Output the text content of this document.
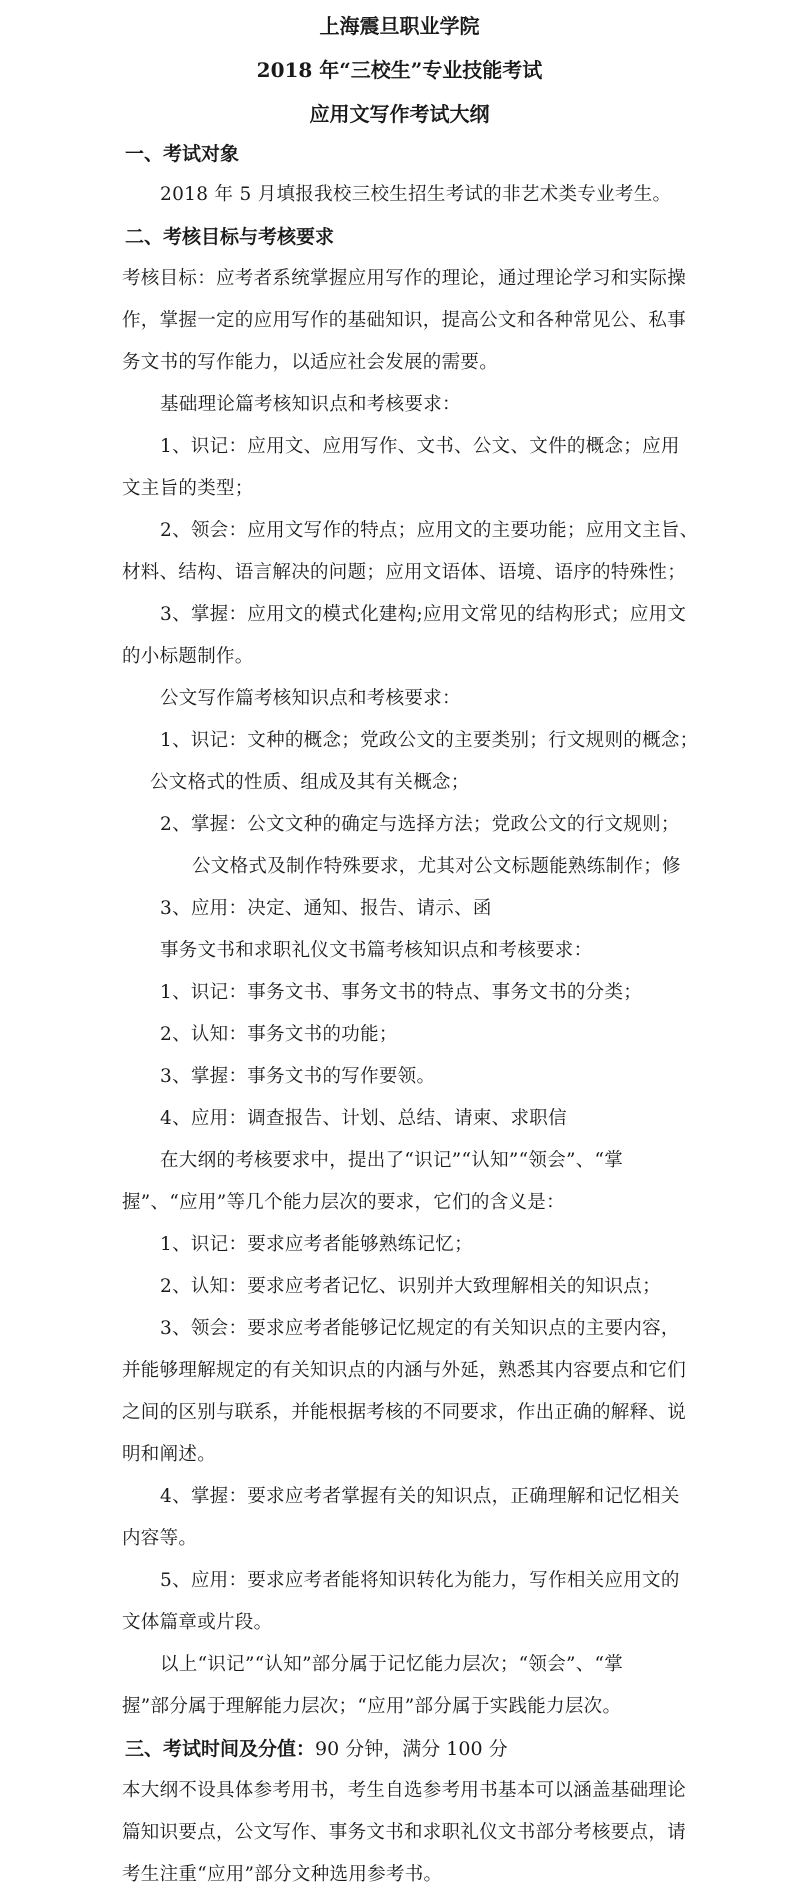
上海震旦职业学院
2018 年“三校生”专业技能考试
应用文写作考试大纲
一、考试对象
2018 年 5 月填报我校三校生招生考试的非艺术类专业考生。
二、考核目标与考核要求
考核目标：应考者系统掌握应用写作的理论，通过理论学习和实际操
作，掌握一定的应用写作的基础知识，提高公文和各种常见公、私事
务文书的写作能力，以适应社会发展的需要。
基础理论篇考核知识点和考核要求：
1、识记：应用文、应用写作、文书、公文、文件的概念；应用
文主旨的类型；
2、领会：应用文写作的特点；应用文的主要功能；应用文主旨、
材料、结构、语言解决的问题；应用文语体、语境、语序的特殊性；
3、掌握：应用文的模式化建构;应用文常见的结构形式；应用文
的小标题制作。
公文写作篇考核知识点和考核要求：
1、识记：文种的概念；党政公文的主要类别；行文规则的概念；
公文格式的性质、组成及其有关概念；
2、掌握：公文文种的确定与选择方法；党政公文的行文规则；
公文格式及制作特殊要求，尤其对公文标题能熟练制作；修
3、应用：决定、通知、报告、请示、函
事务文书和求职礼仪文书篇考核知识点和考核要求：
1、识记：事务文书、事务文书的特点、事务文书的分类；
2、认知：事务文书的功能；
3、掌握：事务文书的写作要领。
4、应用：调查报告、计划、总结、请柬、求职信
在大纲的考核要求中，提出了“识记”“认知”“领会”、“掌
握”、“应用”等几个能力层次的要求，它们的含义是：
1、识记：要求应考者能够熟练记忆；
2、认知：要求应考者记忆、识别并大致理解相关的知识点；
3、领会：要求应考者能够记忆规定的有关知识点的主要内容，
并能够理解规定的有关知识点的内涵与外延，熟悉其内容要点和它们
之间的区别与联系，并能根据考核的不同要求，作出正确的解释、说
明和阐述。
4、掌握：要求应考者掌握有关的知识点，正确理解和记忆相关
内容等。
5、应用：要求应考者能将知识转化为能力，写作相关应用文的
文体篇章或片段。
以上“识记”“认知”部分属于记忆能力层次；“领会”、“掌
握”部分属于理解能力层次；“应用”部分属于实践能力层次。
三、考试时间及分值：90 分钟，满分 100 分
本大纲不设具体参考用书，考生自选参考用书基本可以涵盖基础理论
篇知识要点，公文写作、事务文书和求职礼仪文书部分考核要点，请
考生注重“应用”部分文种选用参考书。
